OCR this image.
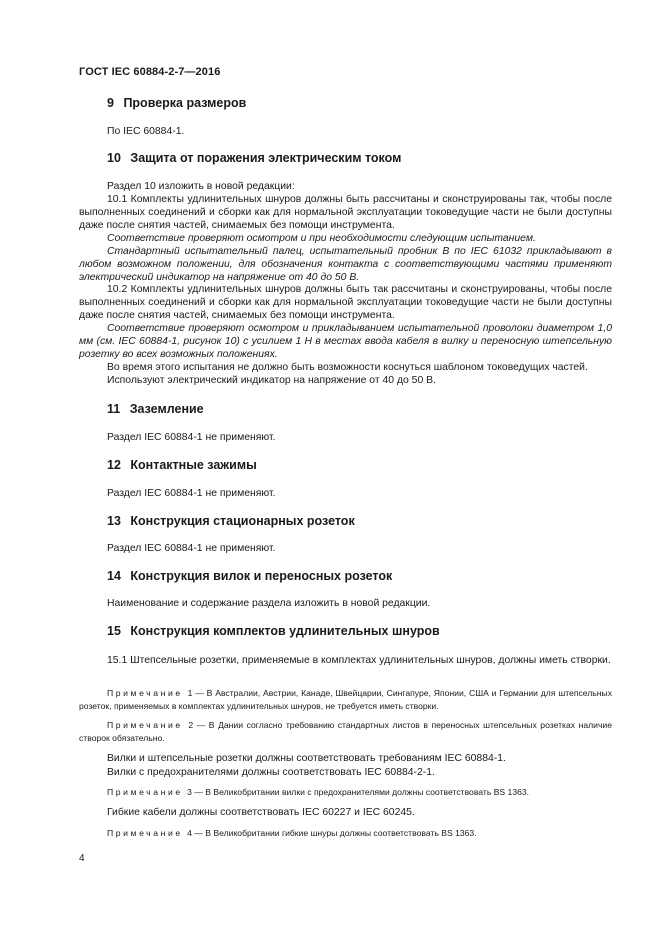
ГОСТ IEC 60884-2-7—2016
9 Проверка размеров
По IEC 60884-1.
10 Защита от поражения электрическим током
Раздел 10 изложить в новой редакции:
10.1 Комплекты удлинительных шнуров должны быть рассчитаны и сконструированы так, чтобы после выполненных соединений и сборки как для нормальной эксплуатации токоведущие части не были доступны даже после снятия частей, снимаемых без помощи инструмента.
Соответствие проверяют осмотром и при необходимости следующим испытанием.
Стандартный испытательный палец, испытательный пробник B по IEC 61032 прикладывают в любом возможном положении, для обозначения контакта с соответствующими частями применяют электрический индикатор на напряжение от 40 до 50 В.
10.2 Комплекты удлинительных шнуров должны быть так рассчитаны и сконструированы, чтобы после выполненных соединений и сборки как для нормальной эксплуатации токоведущие части не были доступны даже после снятия частей, снимаемых без помощи инструмента.
Соответствие проверяют осмотром и прикладыванием испытательной проволоки диаметром 1,0 мм (см. IEC 60884-1, рисунок 10) с усилием 1 Н в местах ввода кабеля в вилку и переносную штепсельную розетку во всех возможных положениях.
Во время этого испытания не должно быть возможности коснуться шаблоном токоведущих частей.
Используют электрический индикатор на напряжение от 40 до 50 В.
11 Заземление
Раздел IEC 60884-1 не применяют.
12 Контактные зажимы
Раздел IEC 60884-1 не применяют.
13 Конструкция стационарных розеток
Раздел IEC 60884-1 не применяют.
14 Конструкция вилок и переносных розеток
Наименование и содержание раздела изложить в новой редакции.
15 Конструкция комплектов удлинительных шнуров
15.1 Штепсельные розетки, применяемые в комплектах удлинительных шнуров, должны иметь створки.
Примечание 1 — В Австралии, Австрии, Канаде, Швейцарии, Сингапуре, Японии, США и Германии для штепсельных розеток, применяемых в комплектах удлинительных шнуров, не требуется иметь створки.
Примечание 2 — В Дании согласно требованию стандартных листов в переносных штепсельных розетках наличие створок обязательно.
Вилки и штепсельные розетки должны соответствовать требованиям IEC 60884-1.
Вилки с предохранителями должны соответствовать IEC 60884-2-1.
Примечание 3 — В Великобритании вилки с предохранителями должны соответствовать BS 1363.
Гибкие кабели должны соответствовать IEC 60227 и IEC 60245.
Примечание 4 — В Великобритании гибкие шнуры должны соответствовать BS 1363.
4
